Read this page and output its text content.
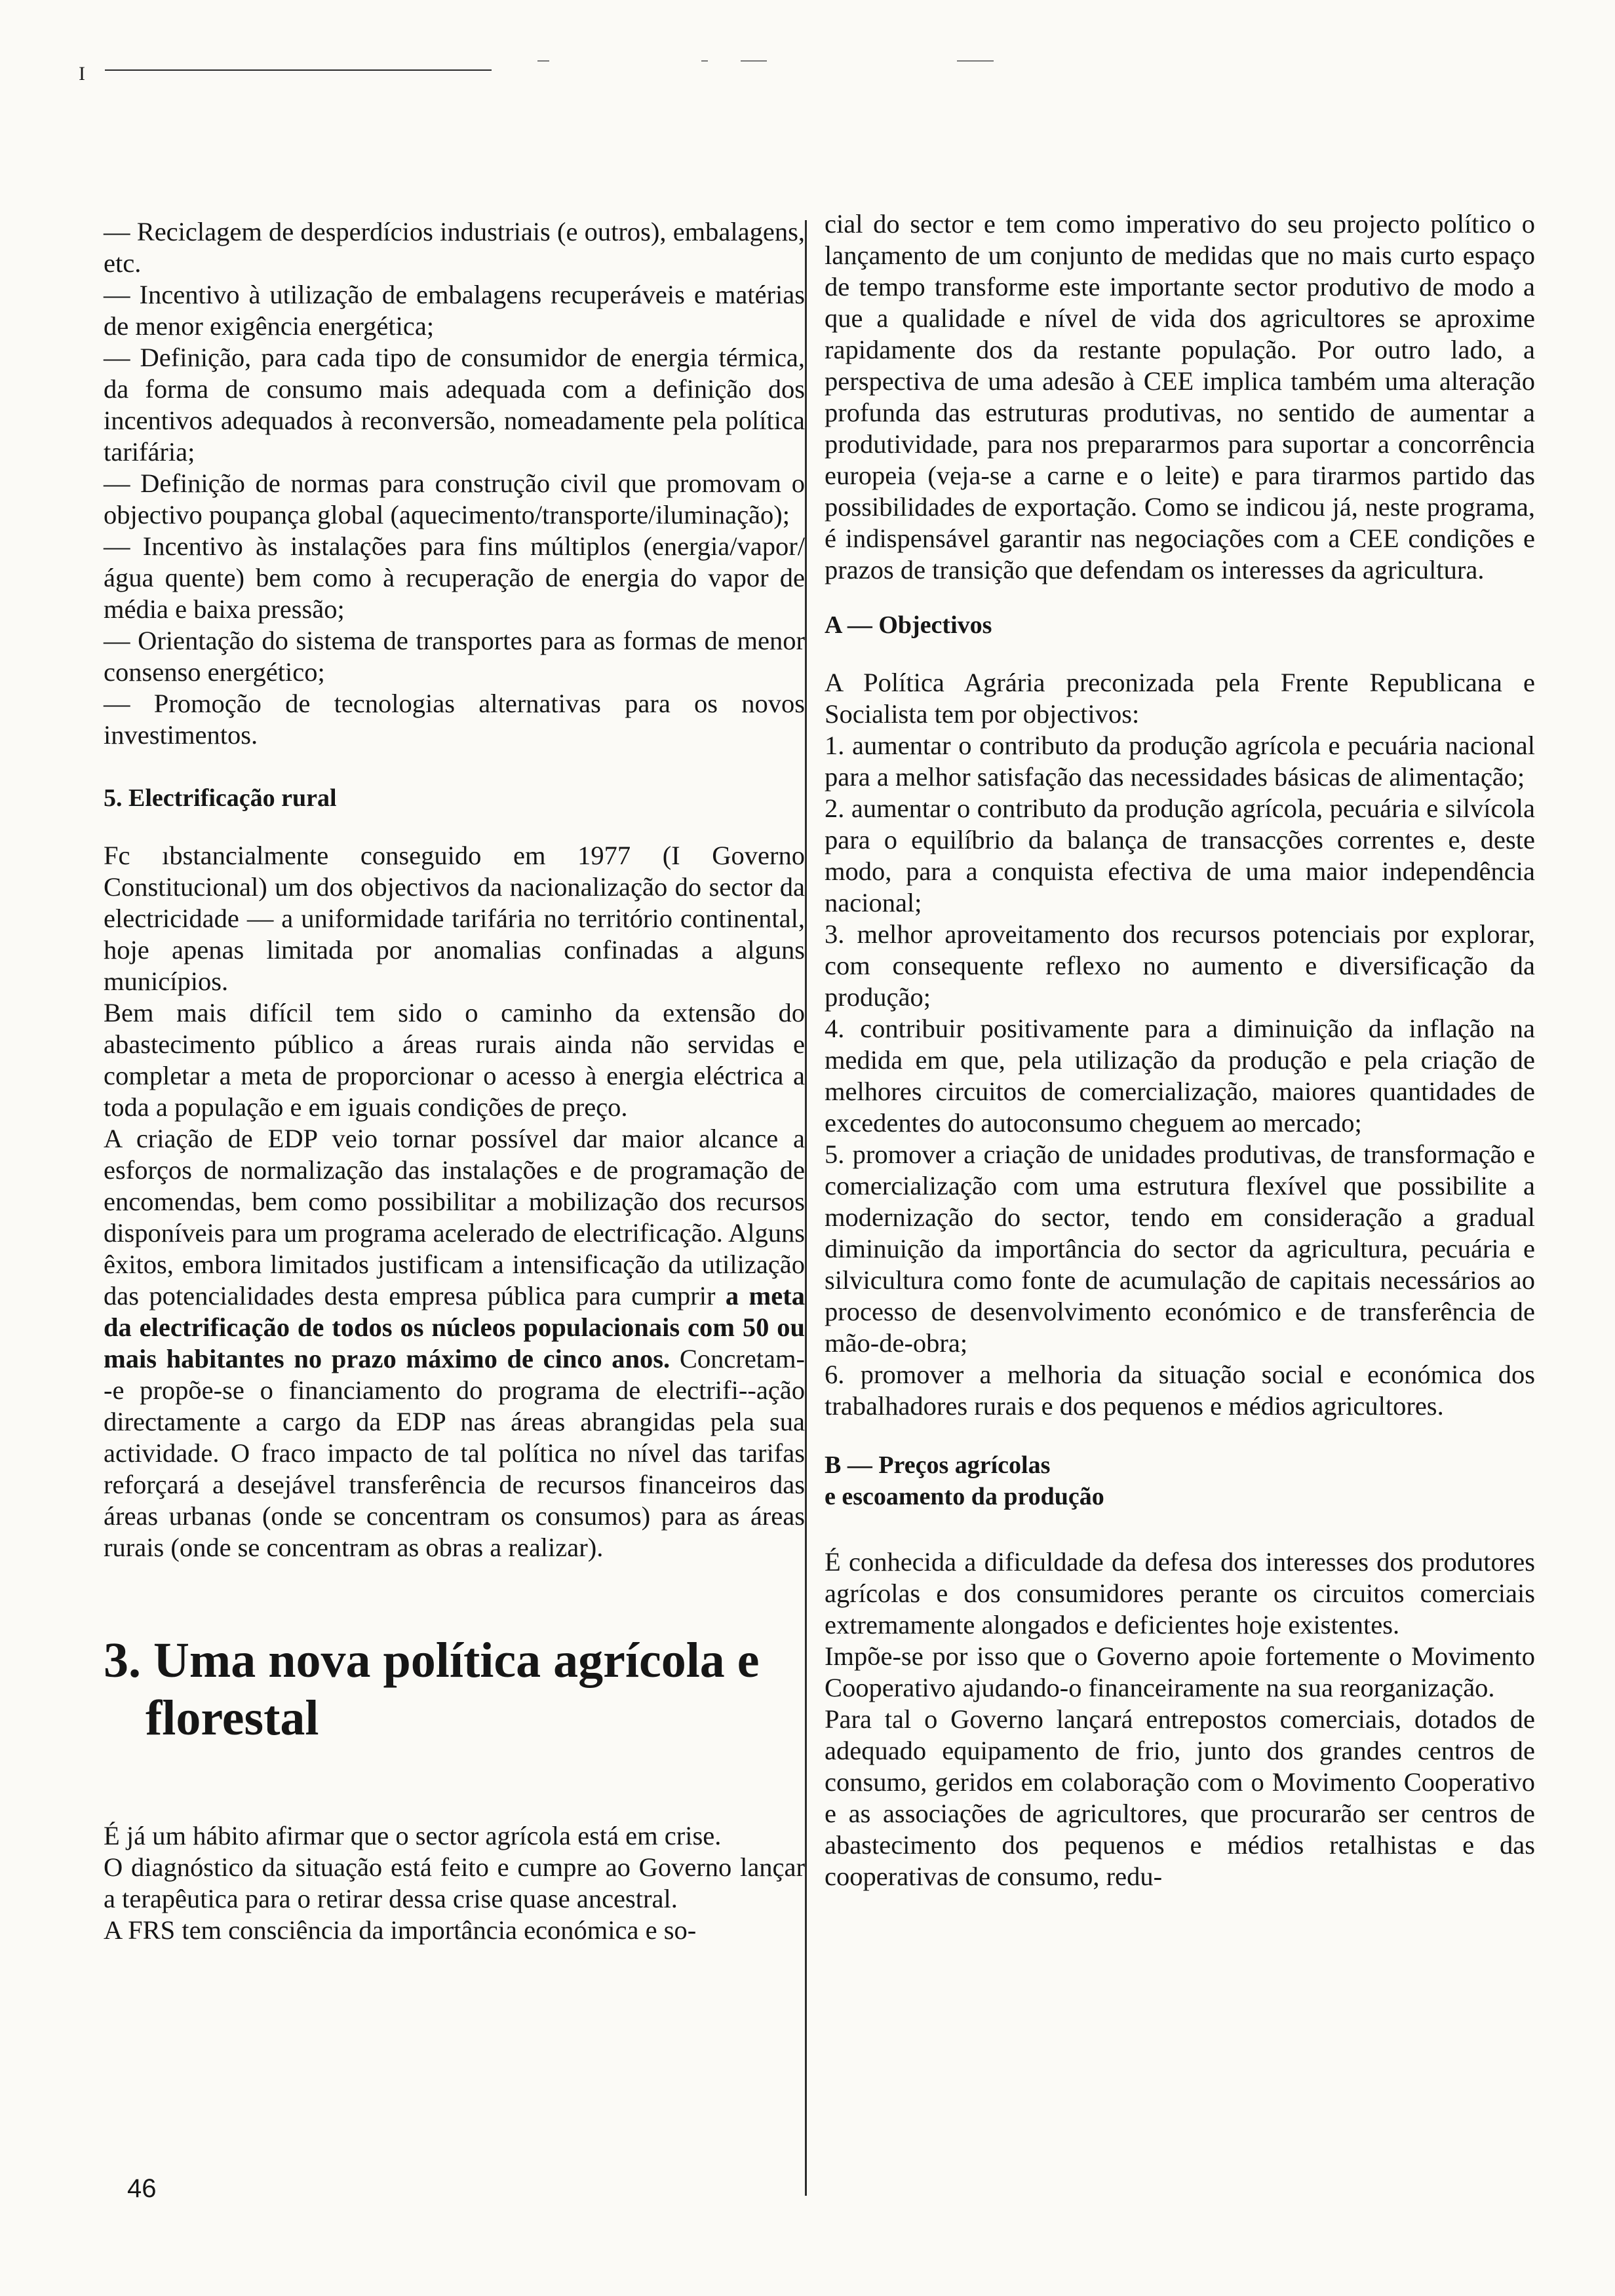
I

— Reciclagem de desperdícios industriais (e outros), embalagens, etc.

— Incentivo à utilização de embalagens recuperáveis e matérias de menor exigência energética;

— Definição, para cada tipo de consumidor de energia térmica, da forma de consumo mais adequada com a definição dos incentivos adequados à reconversão, nomeadamente pela política tarifária;

— Definição de normas para construção civil que promovam o objectivo poupança global (aquecimento/transporte/iluminação);

— Incentivo às instalações para fins múltiplos (energia/vapor/água quente) bem como à recuperação de energia do vapor de média e baixa pressão;

— Orientação do sistema de transportes para as formas de menor consenso energético;

— Promoção de tecnologias alternativas para os novos investimentos.

5. Electrificação rural

Fc ıbstancialmente conseguido em 1977 (I Governo Constitucional) um dos objectivos da nacionalização do sector da electricidade — a uniformidade tarifária no território continental, hoje apenas limitada por anomalias confinadas a alguns municípios.

Bem mais difícil tem sido o caminho da extensão do abastecimento público a áreas rurais ainda não servidas e completar a meta de proporcionar o acesso à energia eléctrica a toda a população e em iguais condições de preço.

A criação de EDP veio tornar possível dar maior alcance a esforços de normalização das instalações e de programação de encomendas, bem como possibilitar a mobilização dos recursos disponíveis para um programa acelerado de electrificação. Alguns êxitos, embora limitados justificam a intensificação da utilização das potencialidades desta empresa pública para cumprir a meta da electrificação de todos os núcleos populacionais com 50 ou mais habitantes no prazo máximo de cinco anos. Concretam‑ ‑e propõe-se o financiamento do programa de electrifi‑‑ação directamente a cargo da EDP nas áreas abrangidas pela sua actividade. O fraco impacto de tal política no nível das tarifas reforçará a desejável transferência de recursos financeiros das áreas urbanas (onde se concentram os consumos) para as áreas rurais (onde se concentram as obras a realizar).

3. Uma nova política agrícola e florestal

É já um hábito afirmar que o sector agrícola está em crise.

O diagnóstico da situação está feito e cumpre ao Governo lançar a terapêutica para o retirar dessa crise quase ancestral.

A FRS tem consciência da importância económica e so-

cial do sector e tem como imperativo do seu projecto político o lançamento de um conjunto de medidas que no mais curto espaço de tempo transforme este importante sector produtivo de modo a que a qualidade e nível de vida dos agricultores se aproxime rapidamente dos da restante população. Por outro lado, a perspectiva de uma adesão à CEE implica também uma alteração profunda das estruturas produtivas, no sentido de aumentar a produtividade, para nos prepararmos para suportar a concorrência europeia (veja-se a carne e o leite) e para tirarmos partido das possibilidades de exportação. Como se indicou já, neste programa, é indispensável garantir nas negociações com a CEE condições e prazos de transição que defendam os interesses da agricultura.

A — Objectivos

A Política Agrária preconizada pela Frente Republicana e Socialista tem por objectivos:

1. aumentar o contributo da produção agrícola e pecuária nacional para a melhor satisfação das necessidades básicas de alimentação;

2. aumentar o contributo da produção agrícola, pecuária e silvícola para o equilíbrio da balança de transacções correntes e, deste modo, para a conquista efectiva de uma maior independência nacional;

3. melhor aproveitamento dos recursos potenciais por explorar, com consequente reflexo no aumento e diversificação da produção;

4. contribuir positivamente para a diminuição da inflação na medida em que, pela utilização da produção e pela criação de melhores circuitos de comercialização, maiores quantidades de excedentes do autoconsumo cheguem ao mercado;

5. promover a criação de unidades produtivas, de transformação e comercialização com uma estrutura flexível que possibilite a modernização do sector, tendo em consideração a gradual diminuição da importância do sector da agricultura, pecuária e silvicultura como fonte de acumulação de capitais necessários ao processo de desenvolvimento económico e de transferência de mão-de-obra;

6. promover a melhoria da situação social e económica dos trabalhadores rurais e dos pequenos e médios agricultores.

B — Preços agrícolas
e escoamento da produção

É conhecida a dificuldade da defesa dos interesses dos produtores agrícolas e dos consumidores perante os circuitos comerciais extremamente alongados e deficientes hoje existentes.

Impõe-se por isso que o Governo apoie fortemente o Movimento Cooperativo ajudando-o financeiramente na sua reorganização.

Para tal o Governo lançará entrepostos comerciais, dotados de adequado equipamento de frio, junto dos grandes centros de consumo, geridos em colaboração com o Movimento Cooperativo e as associações de agricultores, que procurarão ser centros de abastecimento dos pequenos e médios retalhistas e das cooperativas de consumo, redu-

46
